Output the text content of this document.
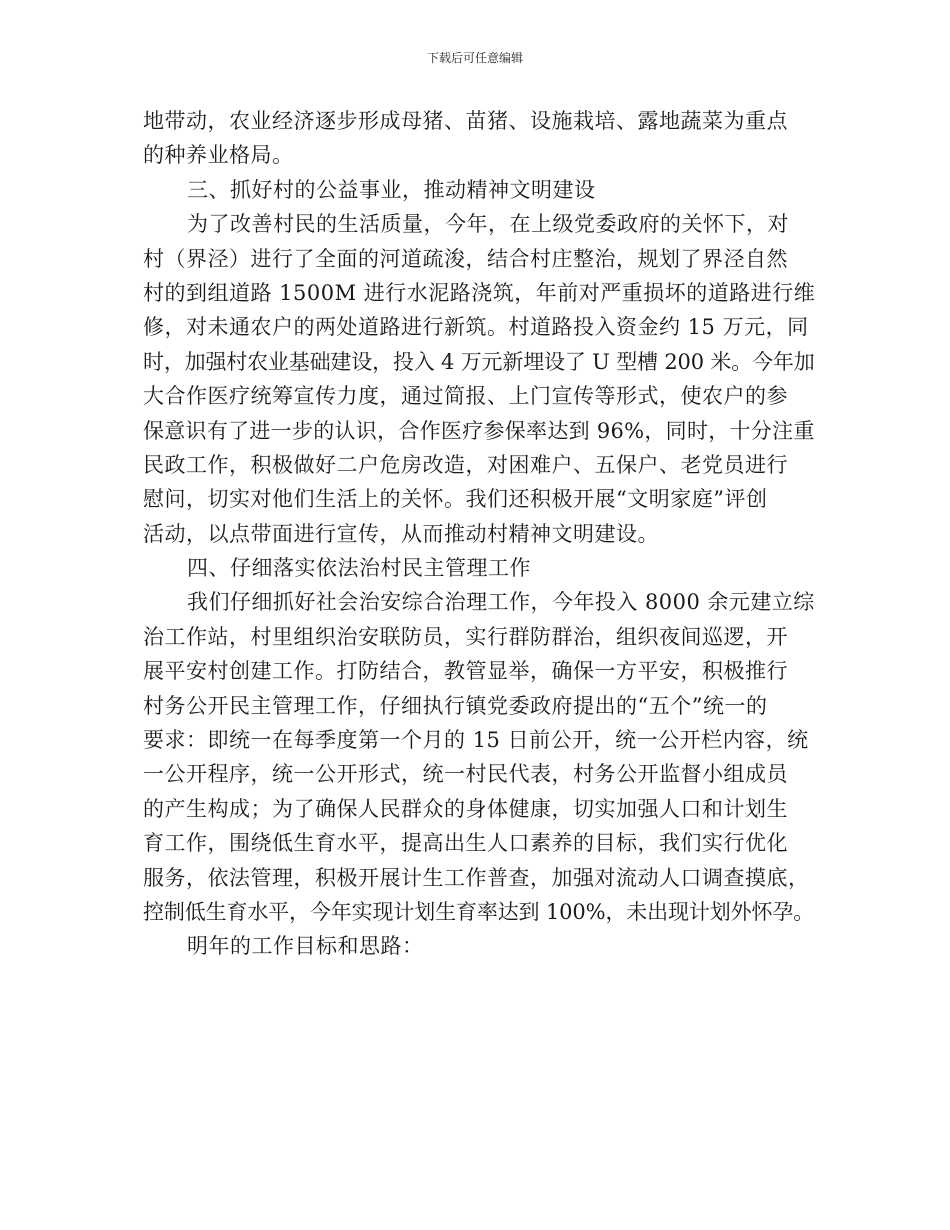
下载后可任意编辑
地带动，农业经济逐步形成母猪、苗猪、设施栽培、露地蔬菜为重点
的种养业格局。
三、抓好村的公益事业，推动精神文明建设
为了改善村民的生活质量，今年，在上级党委政府的关怀下，对
村（界泾）进行了全面的河道疏浚，结合村庄整治，规划了界泾自然
村的到组道路 1500M 进行水泥路浇筑，年前对严重损坏的道路进行维
修，对未通农户的两处道路进行新筑。村道路投入资金约 15 万元，同
时，加强村农业基础建设，投入 4 万元新埋设了 U 型槽 200 米。今年加
大合作医疗统筹宣传力度，通过简报、上门宣传等形式，使农户的参
保意识有了进一步的认识，合作医疗参保率达到 96%，同时，十分注重
民政工作，积极做好二户危房改造，对困难户、五保户、老党员进行
慰问，切实对他们生活上的关怀。我们还积极开展“文明家庭”评创
活动，以点带面进行宣传，从而推动村精神文明建设。
四、仔细落实依法治村民主管理工作
我们仔细抓好社会治安综合治理工作，今年投入 8000 余元建立综
治工作站，村里组织治安联防员，实行群防群治，组织夜间巡逻，开
展平安村创建工作。打防结合，教管显举，确保一方平安，积极推行
村务公开民主管理工作，仔细执行镇党委政府提出的“五个”统一的
要求：即统一在每季度第一个月的 15 日前公开，统一公开栏内容，统
一公开程序，统一公开形式，统一村民代表，村务公开监督小组成员
的产生构成；为了确保人民群众的身体健康，切实加强人口和计划生
育工作，围绕低生育水平，提高出生人口素养的目标，我们实行优化
服务，依法管理，积极开展计生工作普查，加强对流动人口调查摸底，
控制低生育水平，今年实现计划生育率达到 100%，未出现计划外怀孕。
明年的工作目标和思路：
